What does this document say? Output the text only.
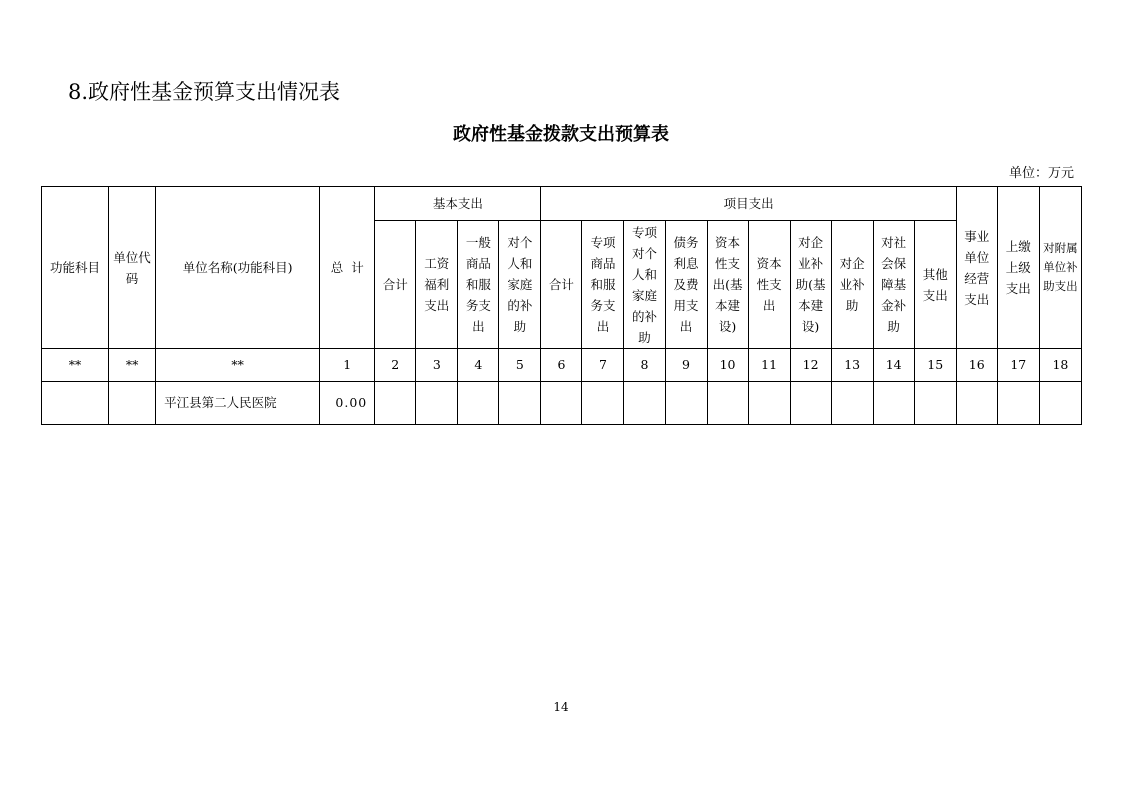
8.政府性基金预算支出情况表
政府性基金拨款支出预算表
单位：万元
功能科目	单位代码	单位名称(功能科目)	总  计	基本支出				项目支出										事业单位经营支出	上缴上级支出	对附属单位补助支出
				合计	工资福利支出	一般商品和服务支出	对个人和家庭的补助	合计	专项商品和服务支出	专项对个人和家庭的补助	债务利息及费用支出	资本性支出(基本建设)	资本性支出	对企业补助(基本建设)	对企业补助	对社会保障基金补助	其他支出			
**	**	**	1	2	3	4	5	6	7	8	9	10	11	12	13	14	15	16	17	18
		平江县第二人民医院	0.00																	
14
